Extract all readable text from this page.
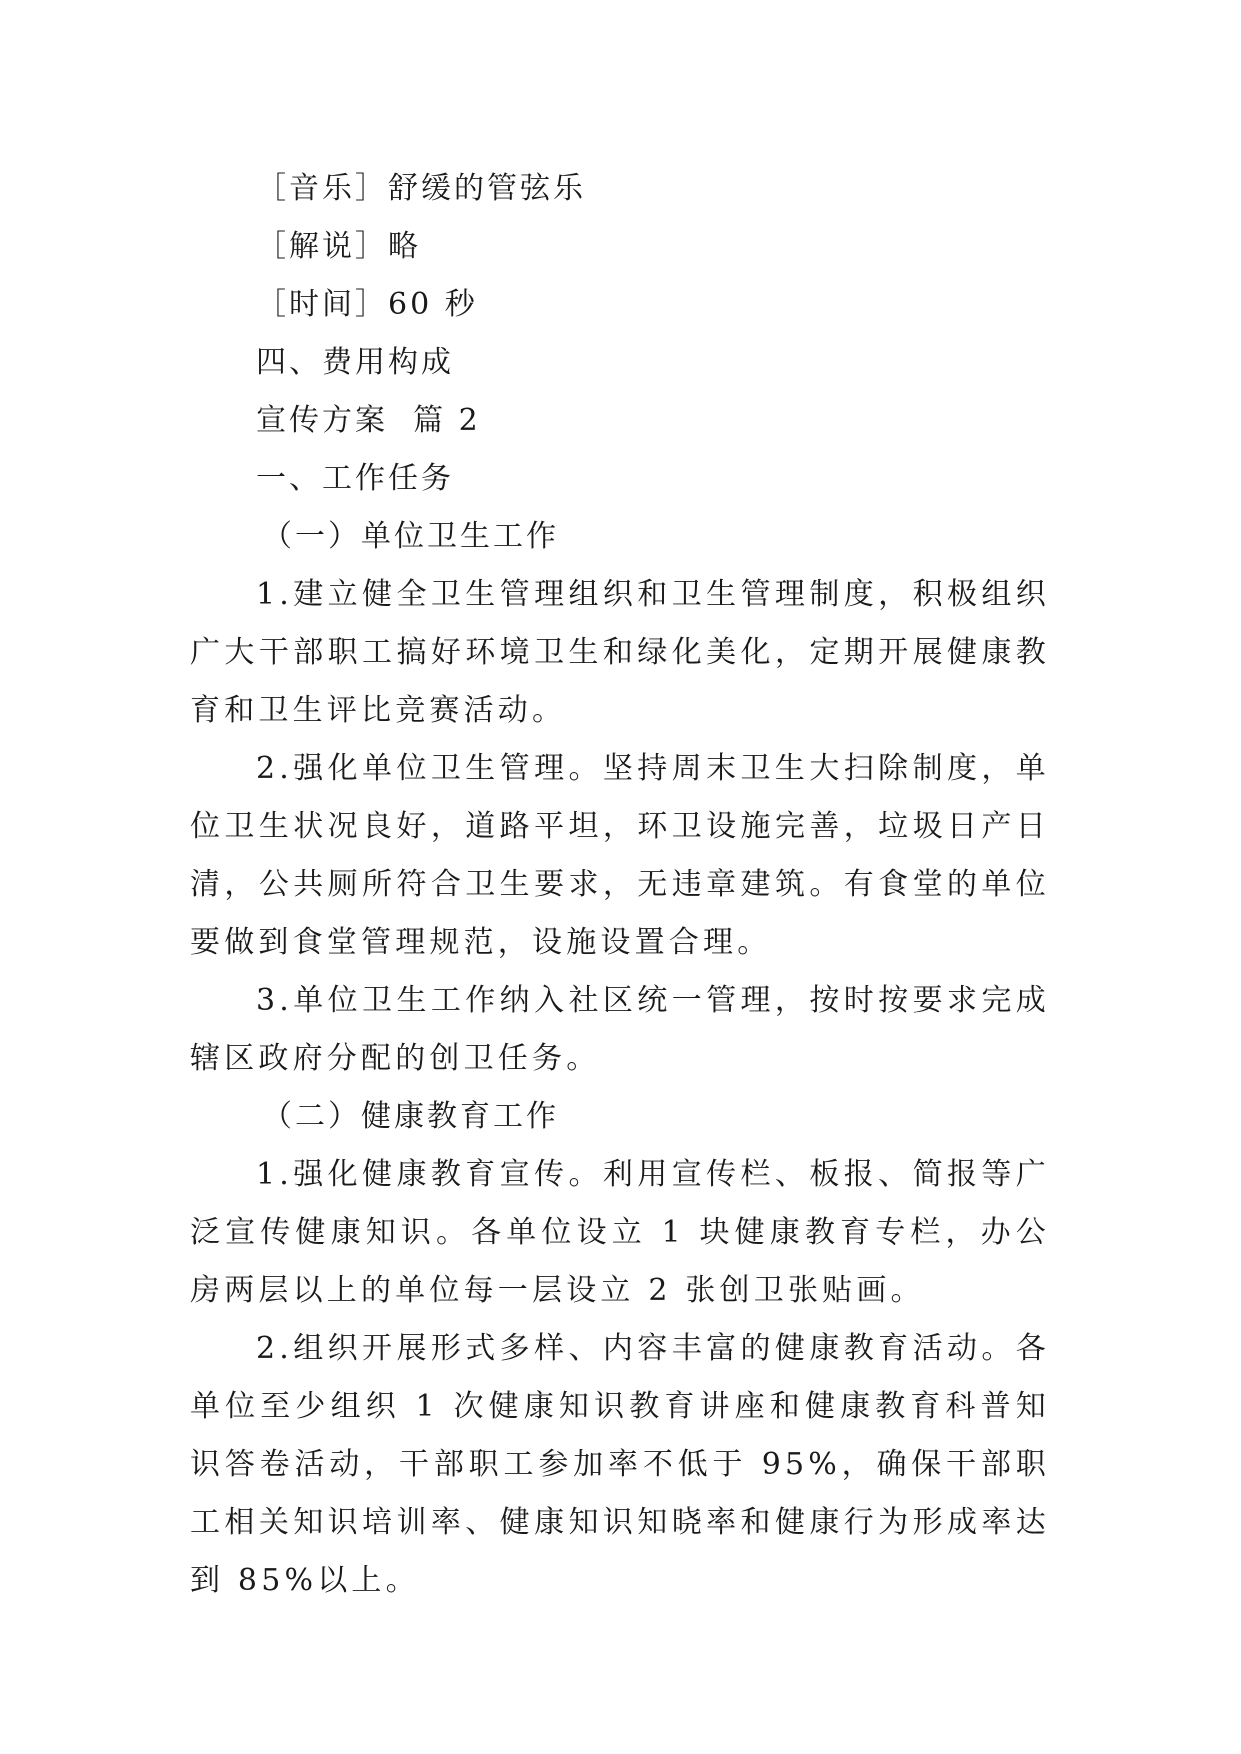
［音乐］舒缓的管弦乐

［解说］略

［时间］60 秒

四、费用构成

宣传方案  篇 2

一、工作任务

（一）单位卫生工作

1.建立健全卫生管理组织和卫生管理制度，积极组织广大干部职工搞好环境卫生和绿化美化，定期开展健康教育和卫生评比竞赛活动。

2.强化单位卫生管理。坚持周末卫生大扫除制度，单位卫生状况良好，道路平坦，环卫设施完善，垃圾日产日清，公共厕所符合卫生要求，无违章建筑。有食堂的单位要做到食堂管理规范，设施设置合理。

3.单位卫生工作纳入社区统一管理，按时按要求完成辖区政府分配的创卫任务。

（二）健康教育工作

1.强化健康教育宣传。利用宣传栏、板报、简报等广泛宣传健康知识。各单位设立 1 块健康教育专栏，办公房两层以上的单位每一层设立 2 张创卫张贴画。

2.组织开展形式多样、内容丰富的健康教育活动。各单位至少组织 1 次健康知识教育讲座和健康教育科普知识答卷活动，干部职工参加率不低于 95%，确保干部职工相关知识培训率、健康知识知晓率和健康行为形成率达到 85%以上。
